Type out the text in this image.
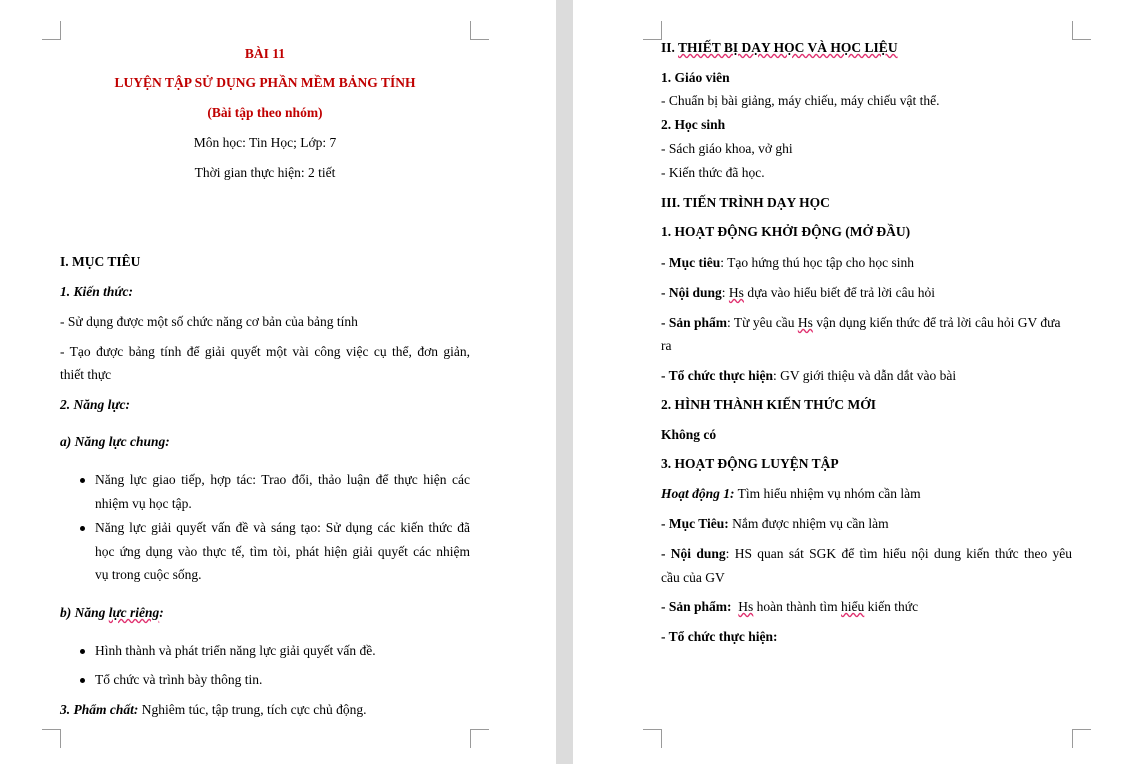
BÀI 11
LUYỆN TẬP SỬ DỤNG PHẦN MỀM BẢNG TÍNH
(Bài tập theo nhóm)
Môn học: Tin Học; Lớp: 7
Thời gian thực hiện: 2 tiết
I. MỤC TIÊU
1. Kiến thức:
- Sử dụng được một số chức năng cơ bản của bảng tính
- Tạo được bảng tính để giải quyết một vài công việc cụ thể, đơn giản,
thiết thực
2. Năng lực:
a) Năng lực chung:
Năng lực giao tiếp, hợp tác: Trao đổi, thảo luận để thực hiện các
nhiệm vụ học tập.
Năng lực giải quyết vấn đề và sáng tạo: Sử dụng các kiến thức đã
học ứng dụng vào thực tế, tìm tòi, phát hiện giải quyết các nhiệm
vụ trong cuộc sống.
b) Năng lực riêng:
Hình thành và phát triển năng lực giải quyết vấn đề.
Tổ chức và trình bày thông tin.
3. Phẩm chất: Nghiêm túc, tập trung, tích cực chủ động.
II. THIẾT BỊ DẠY HỌC VÀ HỌC LIỆU
1. Giáo viên
- Chuẩn bị bài giảng, máy chiếu, máy chiếu vật thể.
2. Học sinh
- Sách giáo khoa, vở ghi
- Kiến thức đã học.
III. TIẾN TRÌNH DẠY HỌC
1. HOẠT ĐỘNG KHỞI ĐỘNG (MỞ ĐẦU)
- Mục tiêu: Tạo hứng thú học tập cho học sinh
- Nội dung: Hs dựa vào hiểu biết để trả lời câu hỏi
- Sản phẩm: Từ yêu cầu Hs vận dụng kiến thức để trả lời câu hỏi GV đưa
ra
- Tổ chức thực hiện: GV giới thiệu và dẫn dắt vào bài
2. HÌNH THÀNH KIẾN THỨC MỚI
Không có
3. HOẠT ĐỘNG LUYỆN TẬP
Hoạt động 1: Tìm hiểu nhiệm vụ nhóm cần làm
- Mục Tiêu: Nắm được nhiệm vụ cần làm
- Nội dung: HS quan sát SGK để tìm hiểu nội dung kiến thức theo yêu
cầu của GV
- Sản phẩm: Hs hoàn thành tìm hiểu kiến thức
- Tổ chức thực hiện:
